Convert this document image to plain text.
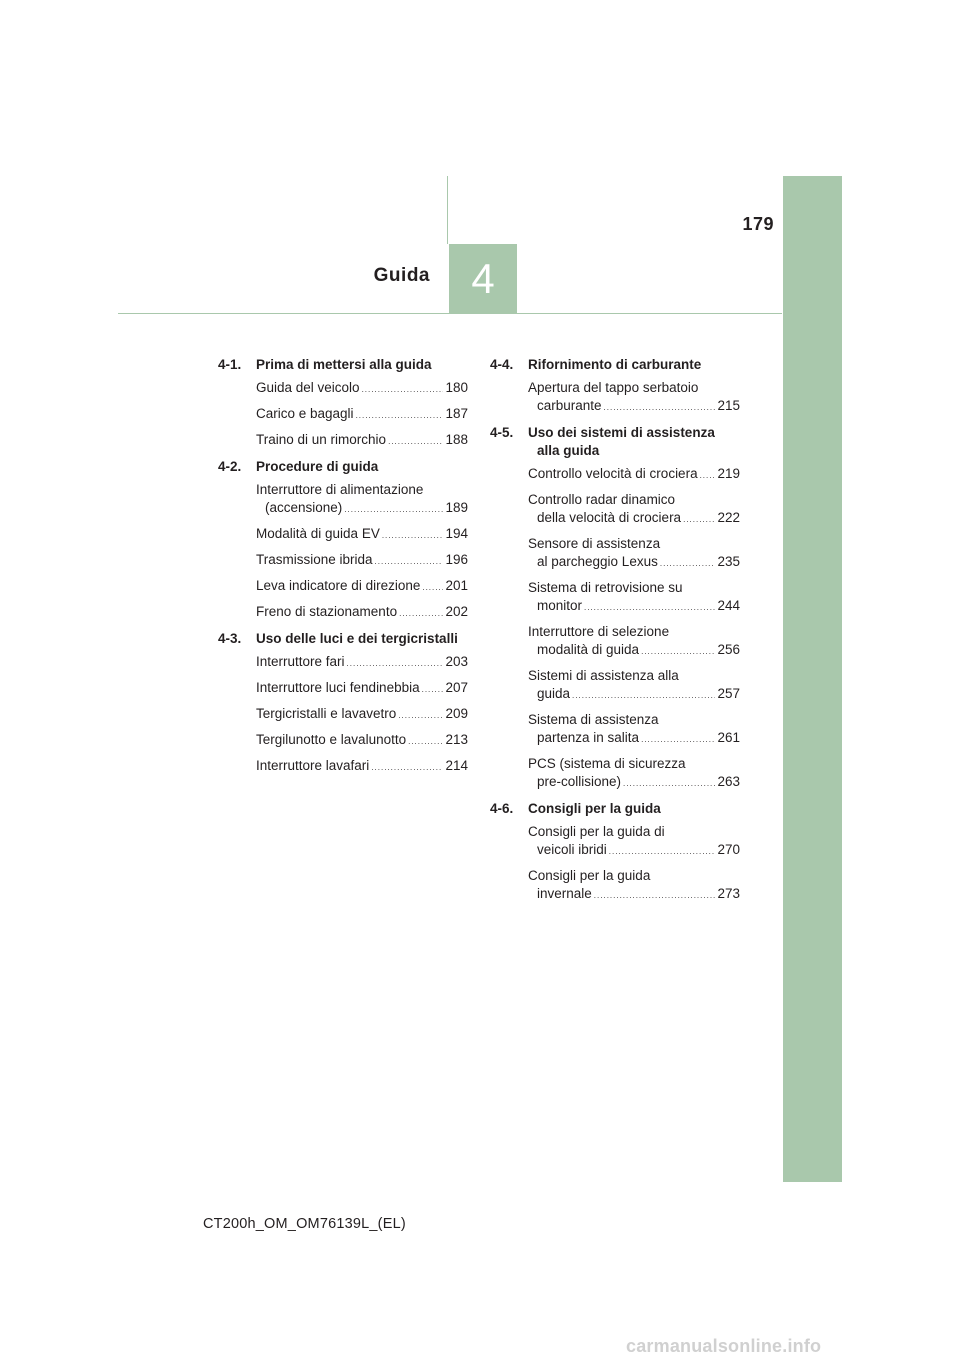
179
Guida 4
4-1.	Prima di mettersi alla guida
Guida del veicolo .....	180
Carico e bagagli .....	187
Traino di un rimorchio .....	188
4-2.	Procedure di guida
Interruttore di alimentazione
(accensione) .....	189
Modalità di guida EV .....	194
Trasmissione ibrida .....	196
Leva indicatore di direzione ..... 201
Freno di stazionamento .....	202
4-3.	Uso delle luci e dei tergicristalli
Interruttore fari .....	203
Interruttore luci fendinebbia ..... 207
Tergicristalli e lavavetro .....	209
Tergilunotto e lavalunotto .....	213
Interruttore lavafari .....	214
4-4.	Rifornimento di carburante
Apertura del tappo serbatoio
carburante .....	215
4-5.	Uso dei sistemi di assistenza
alla guida
Controllo velocità di crociera ..... 219
Controllo radar dinamico
della velocità di crociera .....	222
Sensore di assistenza
al parcheggio Lexus .....	235
Sistema di retrovisione su
monitor .....	244
Interruttore di selezione
modalità di guida .....	256
Sistemi di assistenza alla
guida .....	257
Sistema di assistenza
partenza in salita .....	261
PCS (sistema di sicurezza
pre-collisione) .....	263
4-6.	Consigli per la guida
Consigli per la guida di
veicoli ibridi .....	270
Consigli per la guida
invernale .....	273
CT200h_OM_OM76139L_(EL)
carmanualsonline.info
